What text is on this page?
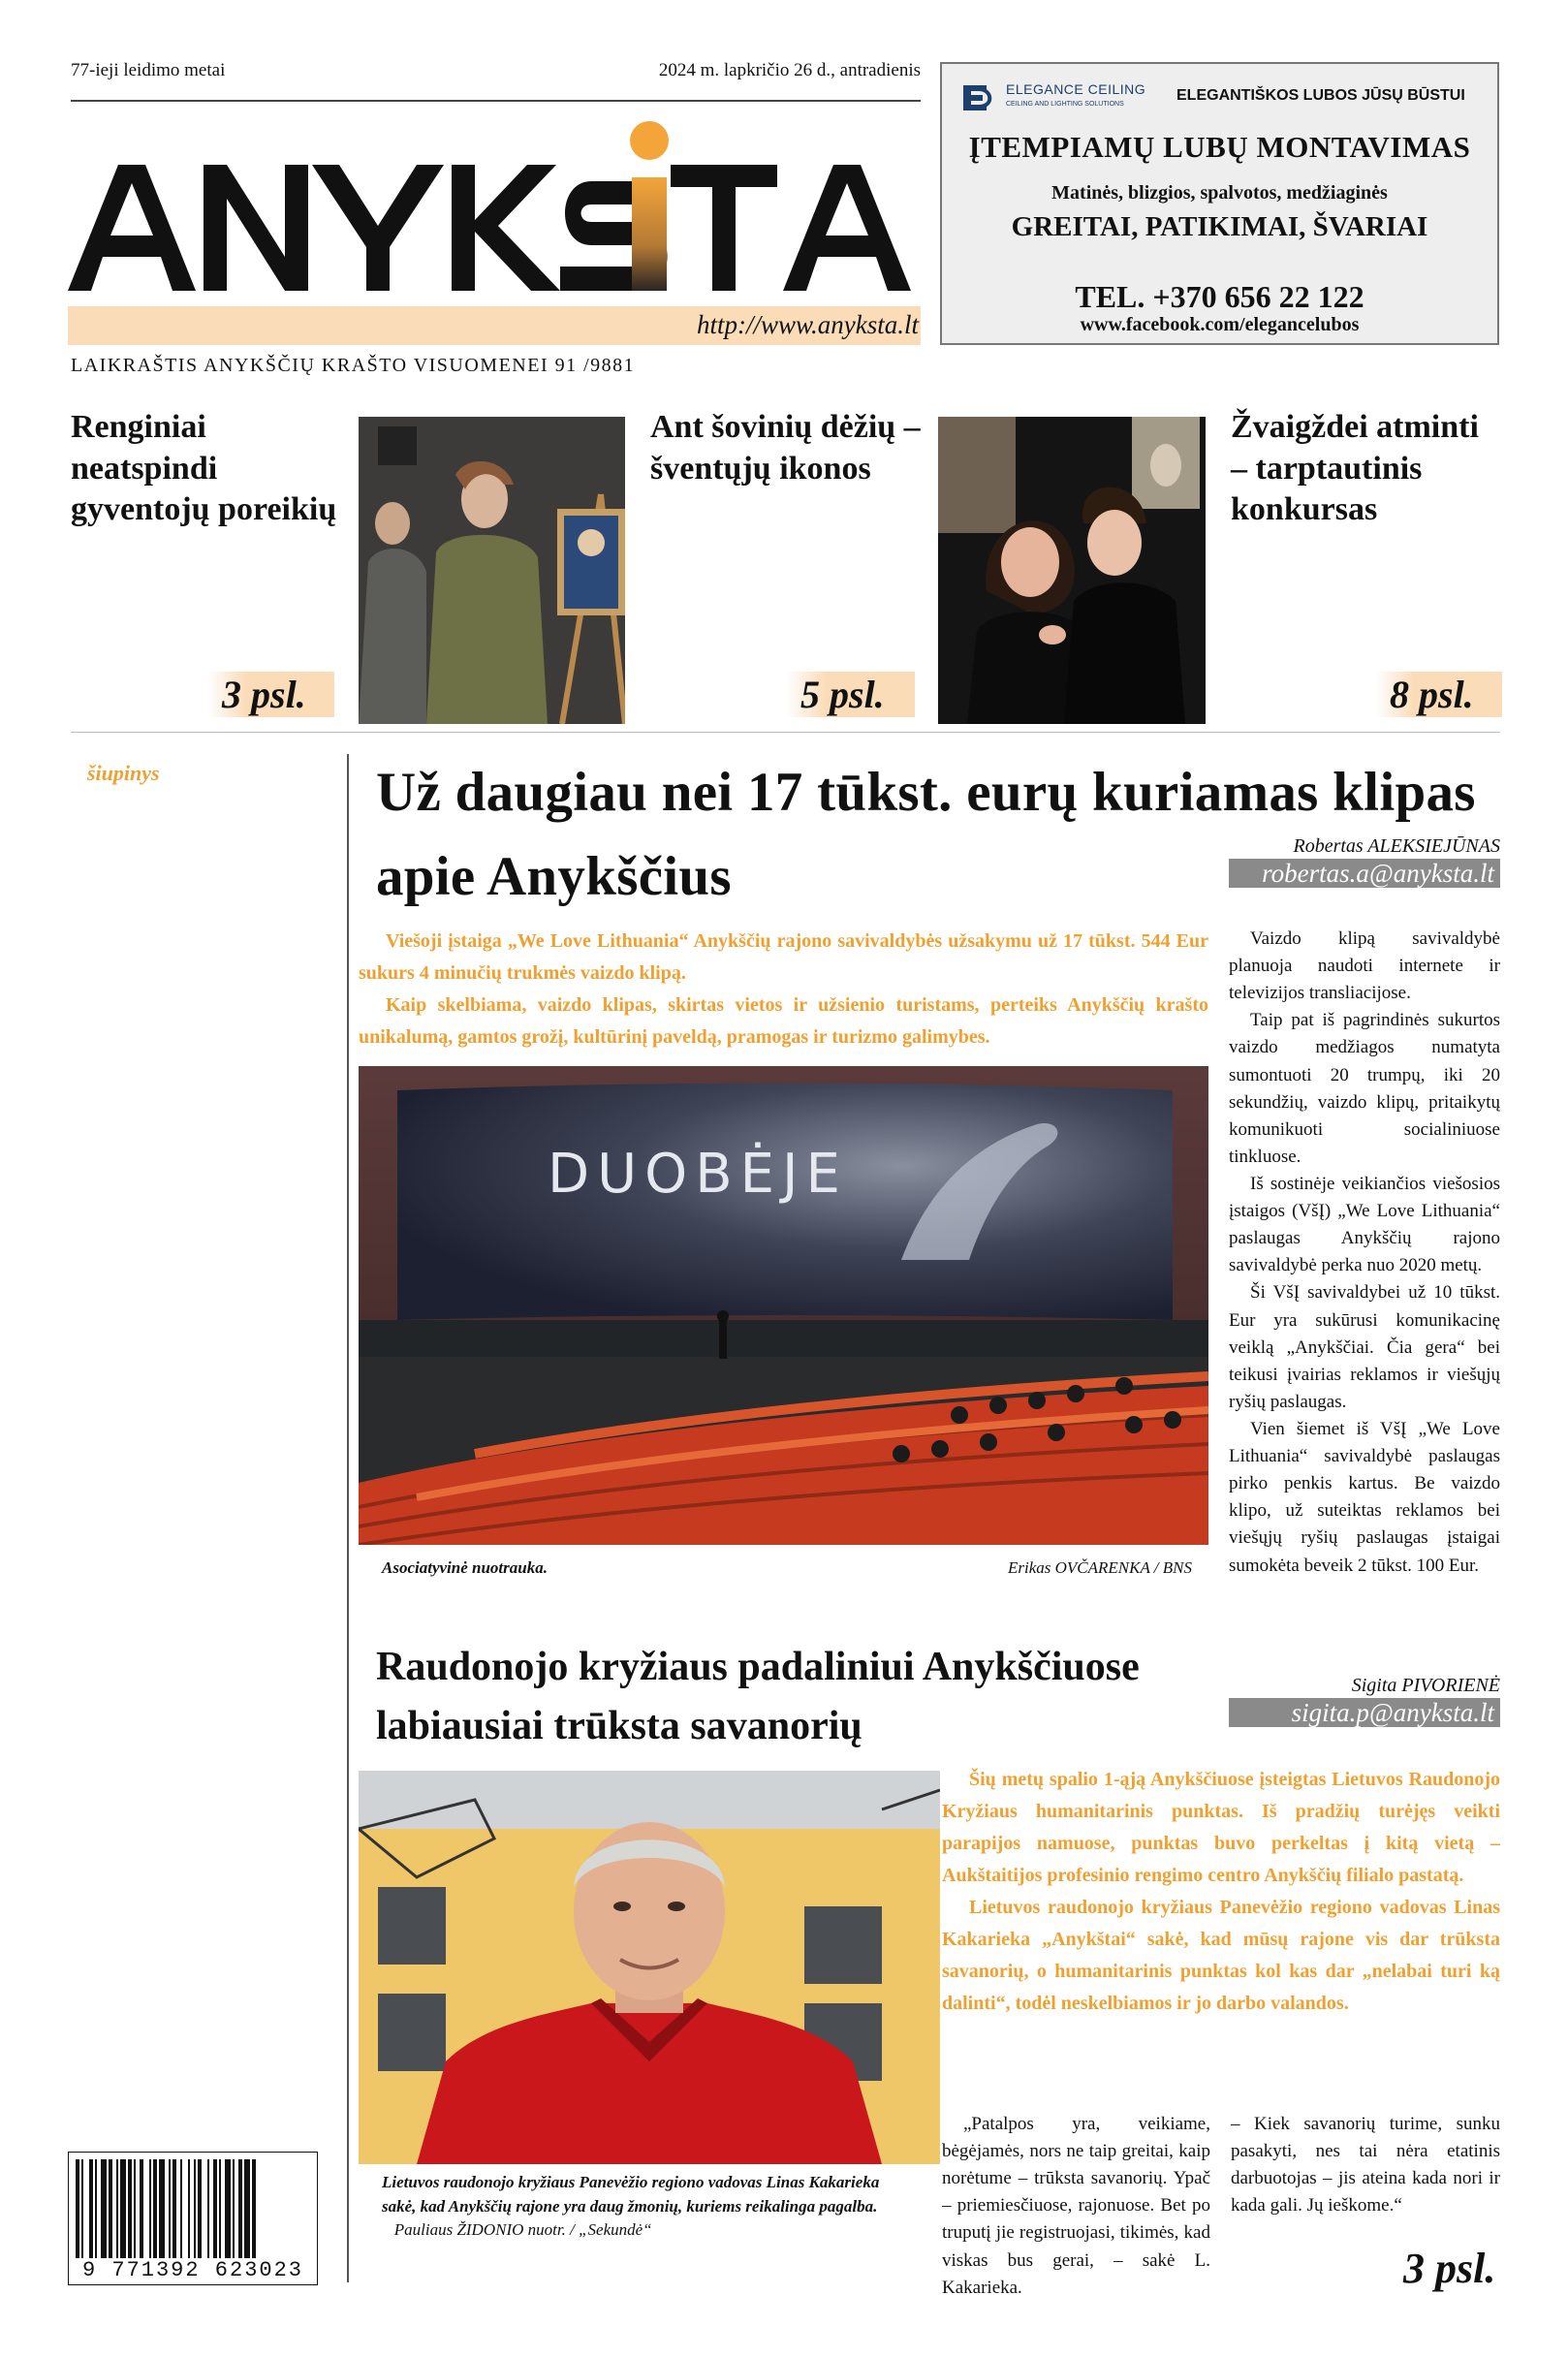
77-ieji leidimo metai	2024 m. lapkričio 26 d., antradienis
http://www.anyksta.lt
LAIKRAŠTIS ANYKŠČIŲ KRAŠTO VISUOMENEI 91 /9881
ELEGANCE CEILING
CEILING AND LIGHTING SOLUTIONS
ELEGANTIŠKOS LUBOS JŪSŲ BŪSTUI
ĮTEMPIAMŲ LUBŲ MONTAVIMAS
Matinės, blizgios, spalvotos, medžiaginės
GREITAI, PATIKIMAI, ŠVARIAI
TEL. +370 656 22 122
www.facebook.com/elegancelubos
Renginiai neatspindi gyventojų poreikių
3 psl.
Ant šovinių dėžių – šventųjų ikonos
5 psl.
Žvaigždei atminti – tarptautinis konkursas
8 psl.
šiupinys	Už daugiau nei 17 tūkst. eurų kuriamas klipas apie Anykščius	Robertas ALEKSIEJŪNAS
robertas.a@anyksta.lt

Viešoji įstaiga „We Love Lithuania“ Anykščių rajono savivaldybės užsakymu už 17 tūkst. 544 Eur sukurs 4 minučių trukmės vaizdo klipą.

Kaip skelbiama, vaizdo klipas, skirtas vietos ir užsienio turistams, perteiks Anykščių krašto unikalumą, gamtos grožį, kultūrinį paveldą, pramogas ir turizmo galimybes.

DUOBĖJE
Asociatyvinė nuotrauka.	Erikas OVČARENKA / BNS

Vaizdo klipą savivaldybė planuoja naudoti internete ir televizijos transliacijose.

Taip pat iš pagrindinės sukurtos vaizdo medžiagos numatyta sumontuoti 20 trumpų, iki 20 sekundžių, vaizdo klipų, pritaikytų komunikuoti socialiniuose tinkluose.

Iš sostinėje veikiančios viešosios įstaigos (VšĮ) „We Love Lithuania“ paslaugas Anykščių rajono savivaldybė perka nuo 2020 metų.

Ši VšĮ savivaldybei už 10 tūkst. Eur yra sukūrusi komunikacinę veiklą „Anykščiai. Čia gera“ bei teikusi įvairias reklamos ir viešųjų ryšių paslaugas.

Vien šiemet iš VšĮ „We Love Lithuania“ savivaldybė paslaugas pirko penkis kartus. Be vaizdo klipo, už suteiktas reklamos bei viešųjų ryšių paslaugas įstaigai sumokėta beveik 2 tūkst. 100 Eur.

Raudonojo kryžiaus padaliniui Anykščiuose labiausiai trūksta savanorių
Sigita PIVORIENĖ
sigita.p@anyksta.lt
Lietuvos raudonojo kryžiaus Panevėžio regiono vadovas Linas Kakarieka sakė, kad Anykščių rajone yra daug žmonių, kuriems reikalinga pagalba.    Pauliaus ŽIDONIO nuotr. / „Sekundė“

Šių metų spalio 1-ąją Anykščiuose įsteigtas Lietuvos Raudonojo Kryžiaus humanitarinis punktas. Iš pradžių turėjęs veikti parapijos namuose, punktas buvo perkeltas į kitą vietą – Aukštaitijos profesinio rengimo centro Anykščių filialo pastatą.

Lietuvos raudonojo kryžiaus Panevėžio regiono vadovas Linas Kakarieka „Anykštai“ sakė, kad mūsų rajone vis dar trūksta savanorių, o humanitarinis punktas kol kas dar „nelabai turi ką dalinti“, todėl neskelbiamos ir jo darbo valandos.

„Patalpos yra, veikiame, bėgėjamės, nors ne taip greitai, kaip norėtume – trūksta savanorių. Ypač – priemiesčiuose, rajonuose. Bet po truputį jie registruojasi, tikimės, kad viskas bus gerai, – sakė L. Kakarieka.

– Kiek savanorių turime, sunku pasakyti, nes tai nėra etatinis darbuotojas – jis ateina kada nori ir kada gali. Jų ieškome.“

3 psl.
9 771392 623023
